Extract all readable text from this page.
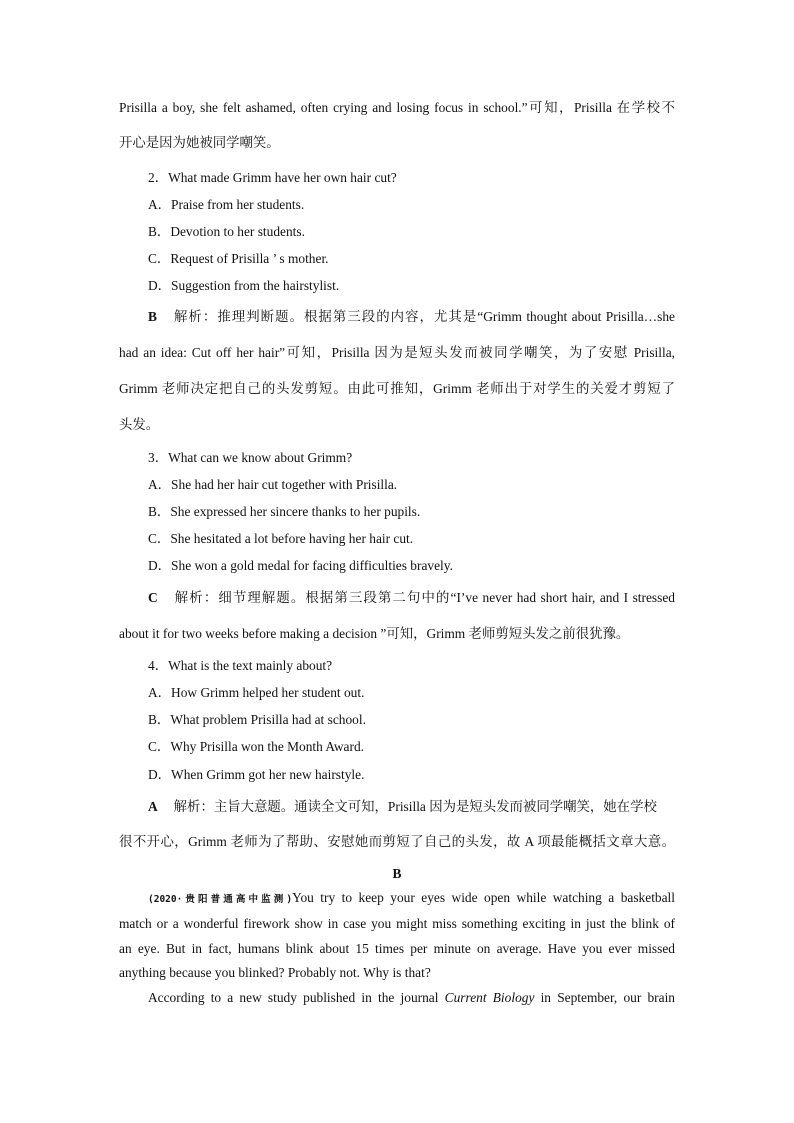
Prisilla a boy, she felt ashamed, often crying and losing focus in school.”可知，Prisilla 在学校不
开心是因为她被同学嘲笑。
2．What made Grimm have her own hair cut?
A．Praise from her students.
B．Devotion to her students.
C．Request of Prisilla ’ s mother.
D．Suggestion from the hairstylist.
B 解析：推理判断题。根据第三段的内容，尤其是“Grimm thought about Prisilla…she
had an idea: Cut off her hair”可知，Prisilla 因为是短头发而被同学嘲笑，为了安慰 Prisilla,
Grimm 老师决定把自己的头发剪短。由此可推知，Grimm 老师出于对学生的关爱才剪短了
头发。
3．What can we know about Grimm?
A．She had her hair cut together with Prisilla.
B．She expressed her sincere thanks to her pupils.
C．She hesitated a lot before having her hair cut.
D．She won a gold medal for facing difficulties bravely.
C 解析：细节理解题。根据第三段第二句中的“I’ve never had short hair, and I stressed
about it for two weeks before making a decision ”可知，Grimm 老师剪短头发之前很犹豫。
4．What is the text mainly about?
A．How Grimm helped her student out.
B．What problem Prisilla had at school.
C．Why Prisilla won the Month Award.
D．When Grimm got her new hairstyle.
A 解析：主旨大意题。通读全文可知，Prisilla 因为是短头发而被同学嘲笑，她在学校
很不开心，Grimm 老师为了帮助、安慰她而剪短了自己的头发，故 A 项最能概括文章大意。
B
(2020·贵阳普通高中监测)You try to keep your eyes wide open while watching a basketball
match or a wonderful firework show in case you might miss something exciting in just the blink of
an eye. But in fact, humans blink about 15 times per minute on average. Have you ever missed
anything because you blinked? Probably not. Why is that?
According to a new study published in the journal Current Biology in September, our brain
